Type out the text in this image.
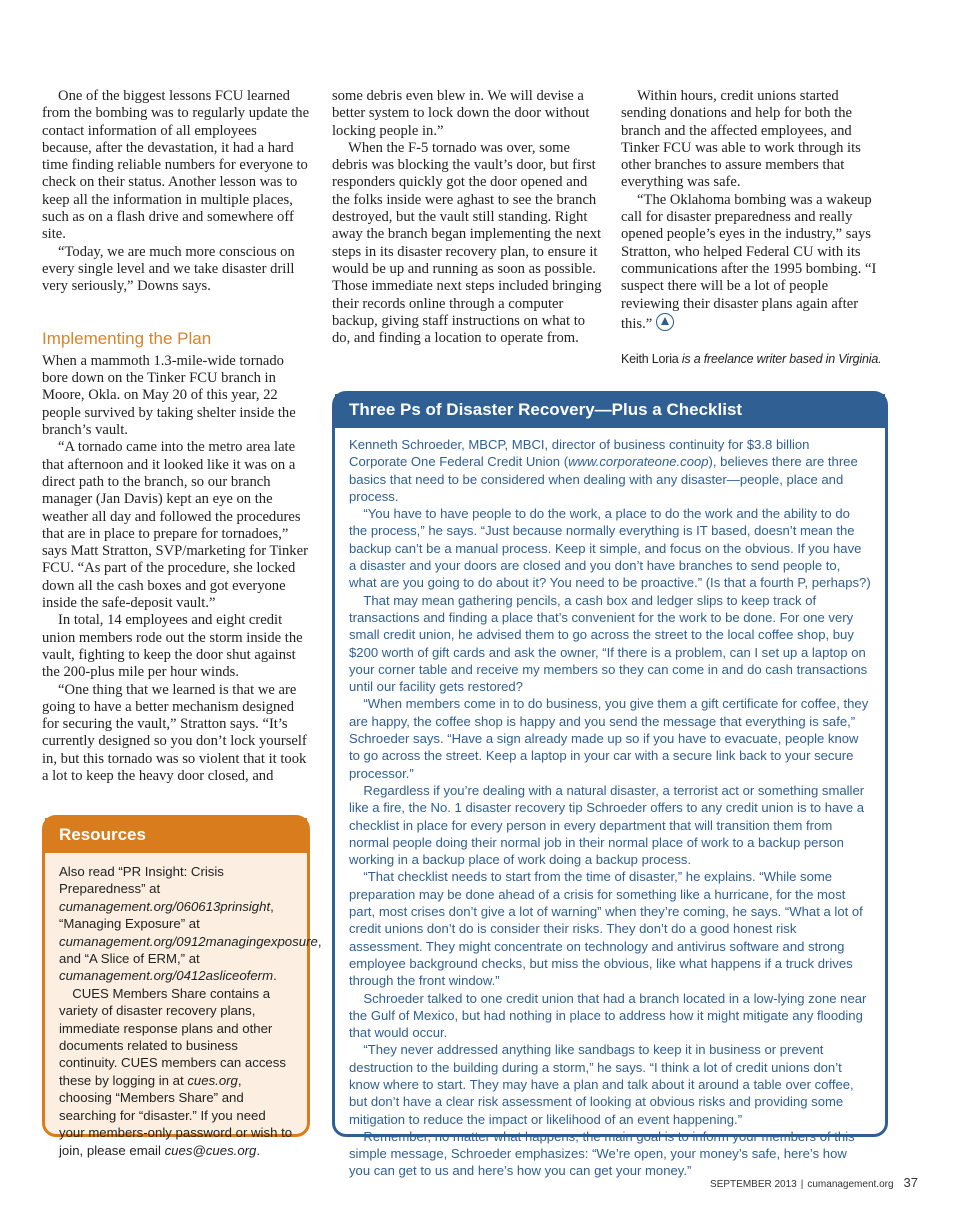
One of the biggest lessons FCU learned from the bombing was to regularly update the contact information of all employees because, after the devastation, it had a hard time finding reliable numbers for everyone to check on their status. Another lesson was to keep all the information in multiple places, such as on a flash drive and somewhere off site.

“Today, we are much more conscious on every single level and we take disaster drill very seriously,” Downs says.

Implementing the Plan

When a mammoth 1.3-mile-wide tornado bore down on the Tinker FCU branch in Moore, Okla. on May 20 of this year, 22 people survived by taking shelter inside the branch’s vault.

“A tornado came into the metro area late that afternoon and it looked like it was on a direct path to the branch, so our branch manager (Jan Davis) kept an eye on the weather all day and followed the procedures that are in place to prepare for tornadoes,” says Matt Stratton, SVP/marketing for Tinker FCU. “As part of the procedure, she locked down all the cash boxes and got everyone inside the safe-deposit vault.”

In total, 14 employees and eight credit union members rode out the storm inside the vault, fighting to keep the door shut against the 200-plus mile per hour winds.

“One thing that we learned is that we are going to have a better mechanism designed for securing the vault,” Stratton says. “It’s currently designed so you don’t lock yourself in, but this tornado was so violent that it took a lot to keep the heavy door closed, and

some debris even blew in. We will devise a better system to lock down the door without locking people in.”

When the F-5 tornado was over, some debris was blocking the vault’s door, but first responders quickly got the door opened and the folks inside were aghast to see the branch destroyed, but the vault still standing. Right away the branch began implementing the next steps in its disaster recovery plan, to ensure it would be up and running as soon as possible. Those immediate next steps included bringing their records online through a computer backup, giving staff instructions on what to do, and finding a location to operate from.

Within hours, credit unions started sending donations and help for both the branch and the affected employees, and Tinker FCU was able to work through its other branches to assure members that everything was safe.

“The Oklahoma bombing was a wakeup call for disaster preparedness and really opened people’s eyes in the industry,” says Stratton, who helped Federal CU with its communications after the 1995 bombing. “I suspect there will be a lot of people reviewing their disaster plans again after this.”

Keith Loria is a freelance writer based in Virginia.
Resources

Also read “PR Insight: Crisis Preparedness” at cumanagement.org/060613prinsight, “Managing Exposure” at cumanagement.org/0912managingexposure, and “A Slice of ERM,” at cumanagement.org/0412asliceoferm.

CUES Members Share contains a variety of disaster recovery plans, immediate response plans and other documents related to business continuity. CUES members can access these by logging in at cues.org, choosing “Members Share” and searching for “disaster.” If you need your members-only password or wish to join, please email cues@cues.org.

Three Ps of Disaster Recovery—Plus a Checklist

Kenneth Schroeder, MBCP, MBCI, director of business continuity for $3.8 billion Corporate One Federal Credit Union (www.corporateone.coop), believes there are three basics that need to be considered when dealing with any disaster—people, place and process.

“You have to have people to do the work, a place to do the work and the ability to do the process,” he says. “Just because normally everything is IT based, doesn’t mean the backup can’t be a manual process. Keep it simple, and focus on the obvious. If you have a disaster and your doors are closed and you don’t have branches to send people to, what are you going to do about it? You need to be proactive.” (Is that a fourth P, perhaps?)

That may mean gathering pencils, a cash box and ledger slips to keep track of transactions and finding a place that’s convenient for the work to be done. For one very small credit union, he advised them to go across the street to the local coffee shop, buy $200 worth of gift cards and ask the owner, “If there is a problem, can I set up a laptop on your corner table and receive my members so they can come in and do cash transactions until our facility gets restored?

“When members come in to do business, you give them a gift certificate for coffee, they are happy, the coffee shop is happy and you send the message that everything is safe,” Schroeder says. “Have a sign already made up so if you have to evacuate, people know to go across the street. Keep a laptop in your car with a secure link back to your secure processor.”

Regardless if you’re dealing with a natural disaster, a terrorist act or something smaller like a fire, the No. 1 disaster recovery tip Schroeder offers to any credit union is to have a checklist in place for every person in every department that will transition them from normal people doing their normal job in their normal place of work to a backup person working in a backup place of work doing a backup process.

“That checklist needs to start from the time of disaster,” he explains. “While some preparation may be done ahead of a crisis for something like a hurricane, for the most part, most crises don’t give a lot of warning” when they’re coming, he says. “What a lot of credit unions don’t do is consider their risks. They don’t do a good honest risk assessment. They might concentrate on technology and antivirus software and strong employee background checks, but miss the obvious, like what happens if a truck drives through the front window.”

Schroeder talked to one credit union that had a branch located in a low-lying zone near the Gulf of Mexico, but had nothing in place to address how it might mitigate any flooding that would occur.

“They never addressed anything like sandbags to keep it in business or prevent destruction to the building during a storm,” he says. “I think a lot of credit unions don’t know where to start. They may have a plan and talk about it around a table over coffee, but don’t have a clear risk assessment of looking at obvious risks and providing some mitigation to reduce the impact or likelihood of an event happening.”

Remember, no matter what happens, the main goal is to inform your members of this simple message, Schroeder emphasizes: “We’re open, your money’s safe, here’s how you can get to us and here’s how you can get your money.”

SEPTEMBER 2013 | cumanagement.org 37
